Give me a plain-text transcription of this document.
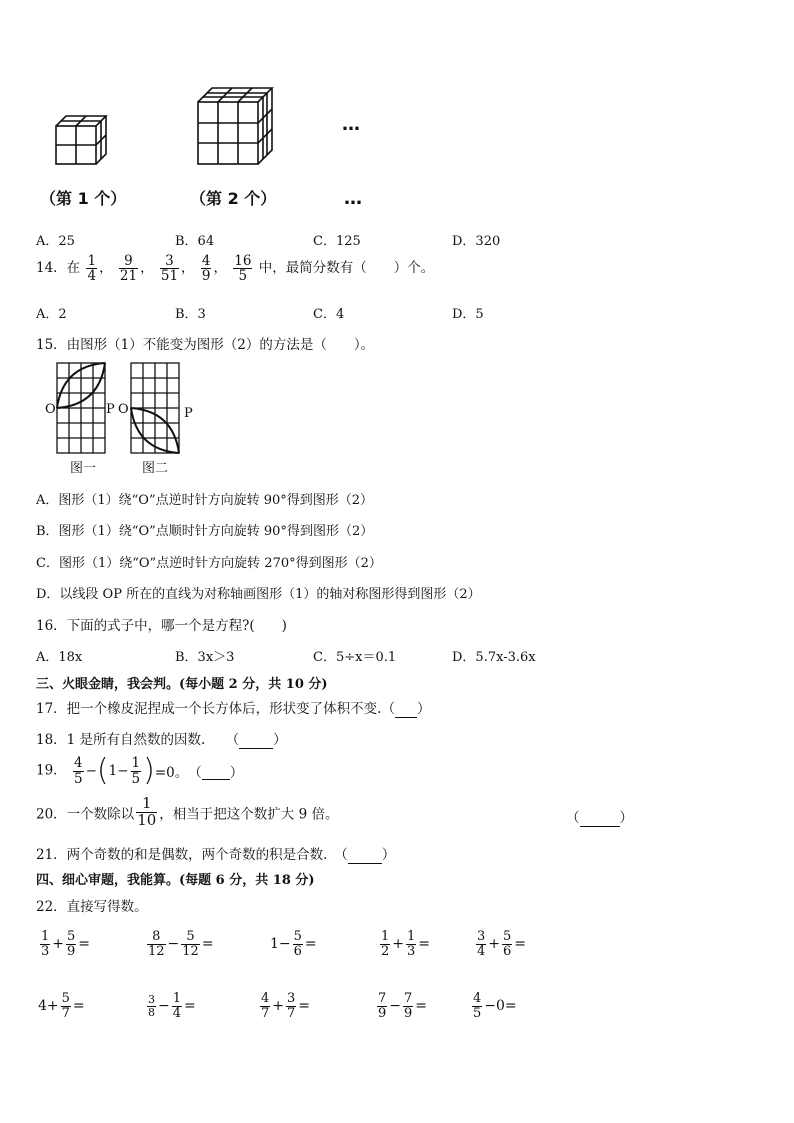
…
（第 1 个）	（第 2 个）	…
A．25	B．64	C．125	D．320
14．在 $\frac{1}{4}$ ， $\frac{9}{21}$ ， $\frac{3}{51}$ ， $\frac{4}{9}$ ， $\frac{16}{5}$ 中，最简分数有（　　）个。
A．2	B．3	C．4	D．5
15．由图形（1）不能变为图形（2）的方法是（　　）。
O	P O	P
图一	图二
A．图形（1）绕“O”点逆时针方向旋转 90°得到图形（2）
B．图形（1）绕“O”点顺时针方向旋转 90°得到图形（2）
C．图形（1）绕“O”点逆时针方向旋转 270°得到图形（2）
D．以线段 OP 所在的直线为对称轴画图形（1）的轴对称图形得到图形（2）
16．下面的式子中，哪一个是方程?(　　)
A．18x	B．3x＞3	C．5÷x＝0.1	D．5.7x-3.6x
三、火眼金睛，我会判。(每小题 2 分，共 10 分)
17．把一个橡皮泥捏成一个长方体后，形状变了体积不变.（ ）
18．1 是所有自然数的因数.　　（	）
19． $\frac{4}{5} -(1- \frac{1}{5} )=0$。　（ ）
20．一个数除以 $\frac{1}{10}$ ，相当于把这个数扩大 9 倍。	（	）
21．两个奇数的和是偶数，两个奇数的积是合数.　（	）
四、细心审题，我能算。(每题 6 分，共 18 分)
22．直接写得数。
$\frac{1}{3} + \frac{5}{9}$ =	$\frac{8}{12} - \frac{5}{12}$ =	$1- \frac{5}{6}$ =	$\frac{1}{2} + \frac{1}{3}$ =	$\frac{3}{4} + \frac{5}{6}$ =
$4+ \frac{5}{7}$ =	$\frac{3}{8} - \frac{1}{4}$ =	$\frac{4}{7} + \frac{3}{7}$ =	$\frac{7}{9} - \frac{7}{9}$ =	$\frac{4}{5} -0=$
